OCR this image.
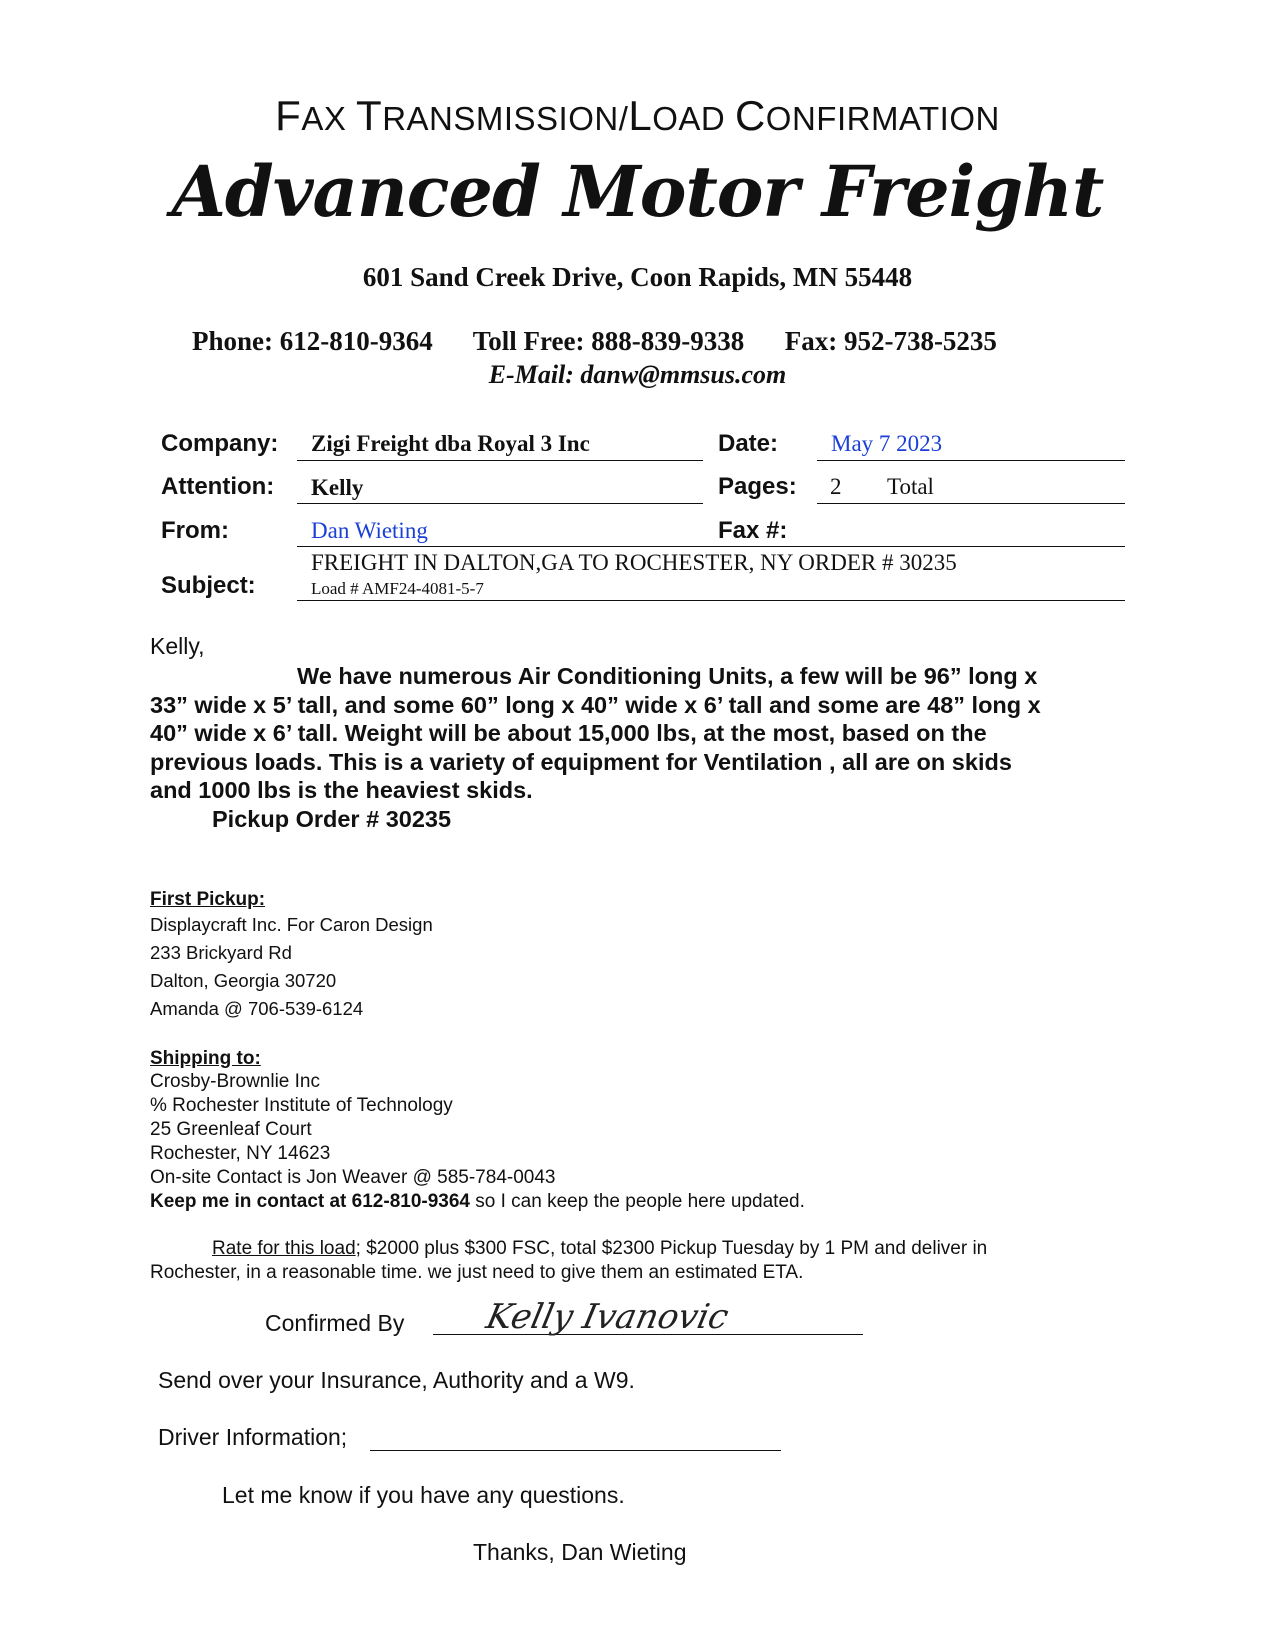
FAX TRANSMISSION/LOAD CONFIRMATION
Advanced Motor Freight
601 Sand Creek Drive, Coon Rapids, MN 55448
Phone: 612-810-9364 Toll Free: 888-839-9338 Fax: 952-738-5235
E-Mail: danw@mmsus.com
Company: Zigi Freight dba Royal 3 Inc	Date: May 7 2023
Attention: Kelly	Pages: 2 Total
From:	Dan Wieting	Fax #:
Subject:
FREIGHT IN DALTON,GA TO ROCHESTER, NY ORDER # 30235
Load # AMF24-4081-5-7
Kelly,
We have numerous Air Conditioning Units, a few will be 96” long x
33” wide x 5’ tall, and some 60” long x 40” wide x 6’ tall and some are 48” long x
40” wide x 6’ tall. Weight will be about 15,000 lbs, at the most, based on the
previous loads. This is a variety of equipment for Ventilation , all are on skids
and 1000 lbs is the heaviest skids.
Pickup Order # 30235
First Pickup:
Displaycraft Inc. For Caron Design
233 Brickyard Rd
Dalton, Georgia 30720
Amanda @ 706-539-6124
Shipping to:
Crosby-Brownlie Inc
% Rochester Institute of Technology
25 Greenleaf Court
Rochester, NY 14623
On-site Contact is Jon Weaver @ 585-784-0043
Keep me in contact at 612-810-9364 so I can keep the people here updated.
Rate for this load; $2000 plus $300 FSC, total $2300 Pickup Tuesday by 1 PM and deliver in
Rochester, in a reasonable time. we just need to give them an estimated ETA.
Confirmed By Kelly Ivanovic
Send over your Insurance, Authority and a W9.
Driver Information;
Let me know if you have any questions.
Thanks, Dan Wieting
